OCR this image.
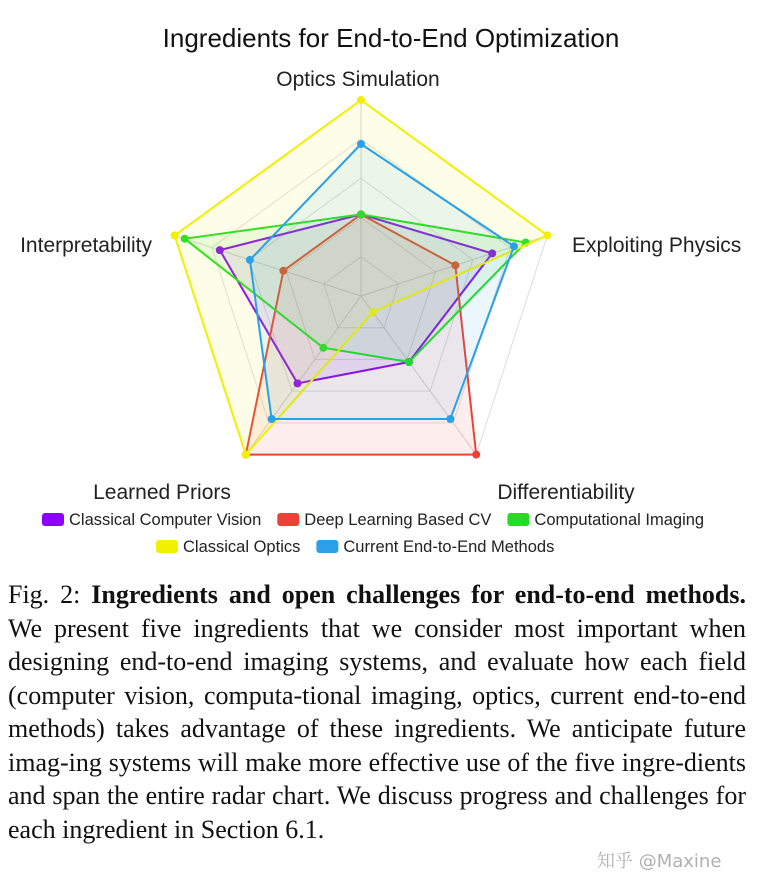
Ingredients for End-to-End Optimization
Optics Simulation
Exploiting Physics
Differentiability
Learned Priors
Interpretability
Classical Computer Vision	Deep Learning Based CV	Computational Imaging
Classical Optics	Current End-to-End Methods
Fig. 2: Ingredients and open challenges for end-to-end methods. We present five ingredients that we consider most important when designing end-to-end imaging systems, and evaluate how each field (computer vision, computa-tional imaging, optics, current end-to-end methods) takes advantage of these ingredients. We anticipate future imag-ing systems will make more effective use of the five ingre-dients and span the entire radar chart. We discuss progress and challenges for each ingredient in Section 6.1.
知乎 @Maxine
